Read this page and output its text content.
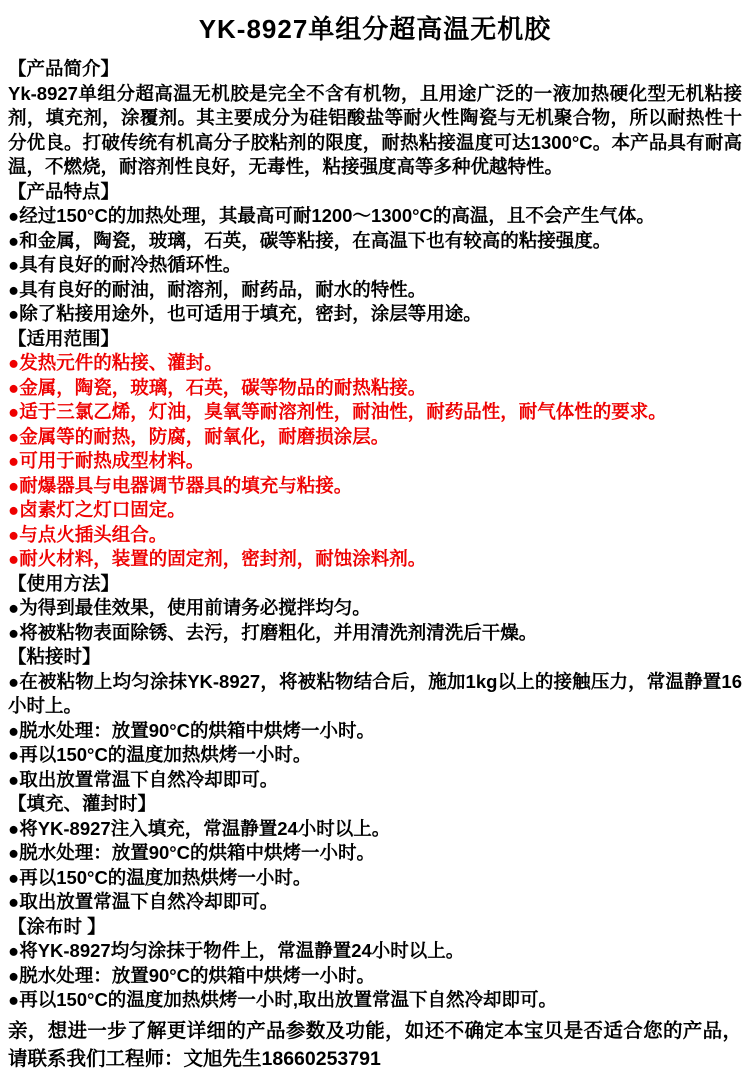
YK-8927单组分超高温无机胶
【产品简介】

Yk-8927单组分超高温无机胶是完全不含有机物，且用途广泛的一液加热硬化型无机粘接剂，填充剂，涂覆剂。其主要成分为硅铝酸盐等耐火性陶瓷与无机聚合物，所以耐热性十分优良。打破传统有机高分子胶粘剂的限度，耐热粘接温度可达1300°C。本产品具有耐高温，不燃烧，耐溶剂性良好，无毒性，粘接强度高等多种优越特性。

【产品特点】
●经过150°C的加热处理，其最高可耐1200～1300°C的高温，且不会产生气体。
●和金属，陶瓷，玻璃，石英，碳等粘接，在高温下也有较高的粘接强度。
●具有良好的耐冷热循环性。
●具有良好的耐油，耐溶剂，耐药品，耐水的特性。
●除了粘接用途外，也可适用于填充，密封，涂层等用途。
【适用范围】
●发热元件的粘接、灌封。
●金属，陶瓷，玻璃，石英，碳等物品的耐热粘接。
●适于三氯乙烯，灯油，臭氧等耐溶剂性，耐油性，耐药品性，耐气体性的要求。
●金属等的耐热，防腐，耐氧化，耐磨损涂层。
●可用于耐热成型材料。
●耐爆器具与电器调节器具的填充与粘接。
●卤素灯之灯口固定。
●与点火插头组合。
●耐火材料，装置的固定剂，密封剂，耐蚀涂料剂。
【使用方法】
●为得到最佳效果，使用前请务必搅拌均匀。
●将被粘物表面除锈、去污，打磨粗化，并用清洗剂清洗后干燥。
【粘接时】
●在被粘物上均匀涂抹YK-8927，将被粘物结合后，施加1kg以上的接触压力，常温静置16小时上。
●脱水处理：放置90°C的烘箱中烘烤一小时。
●再以150°C的温度加热烘烤一小时。
●取出放置常温下自然冷却即可。
【填充、灌封时】
●将YK-8927注入填充，常温静置24小时以上。
●脱水处理：放置90°C的烘箱中烘烤一小时。
●再以150°C的温度加热烘烤一小时。
●取出放置常温下自然冷却即可。
【涂布时 】
●将YK-8927均匀涂抹于物件上，常温静置24小时以上。
●脱水处理：放置90°C的烘箱中烘烤一小时。
●再以150°C的温度加热烘烤一小时,取出放置常温下自然冷却即可。

亲，想进一步了解更详细的产品参数及功能，如还不确定本宝贝是否适合您的产品，请联系我们工程师：文旭先生18660253791
